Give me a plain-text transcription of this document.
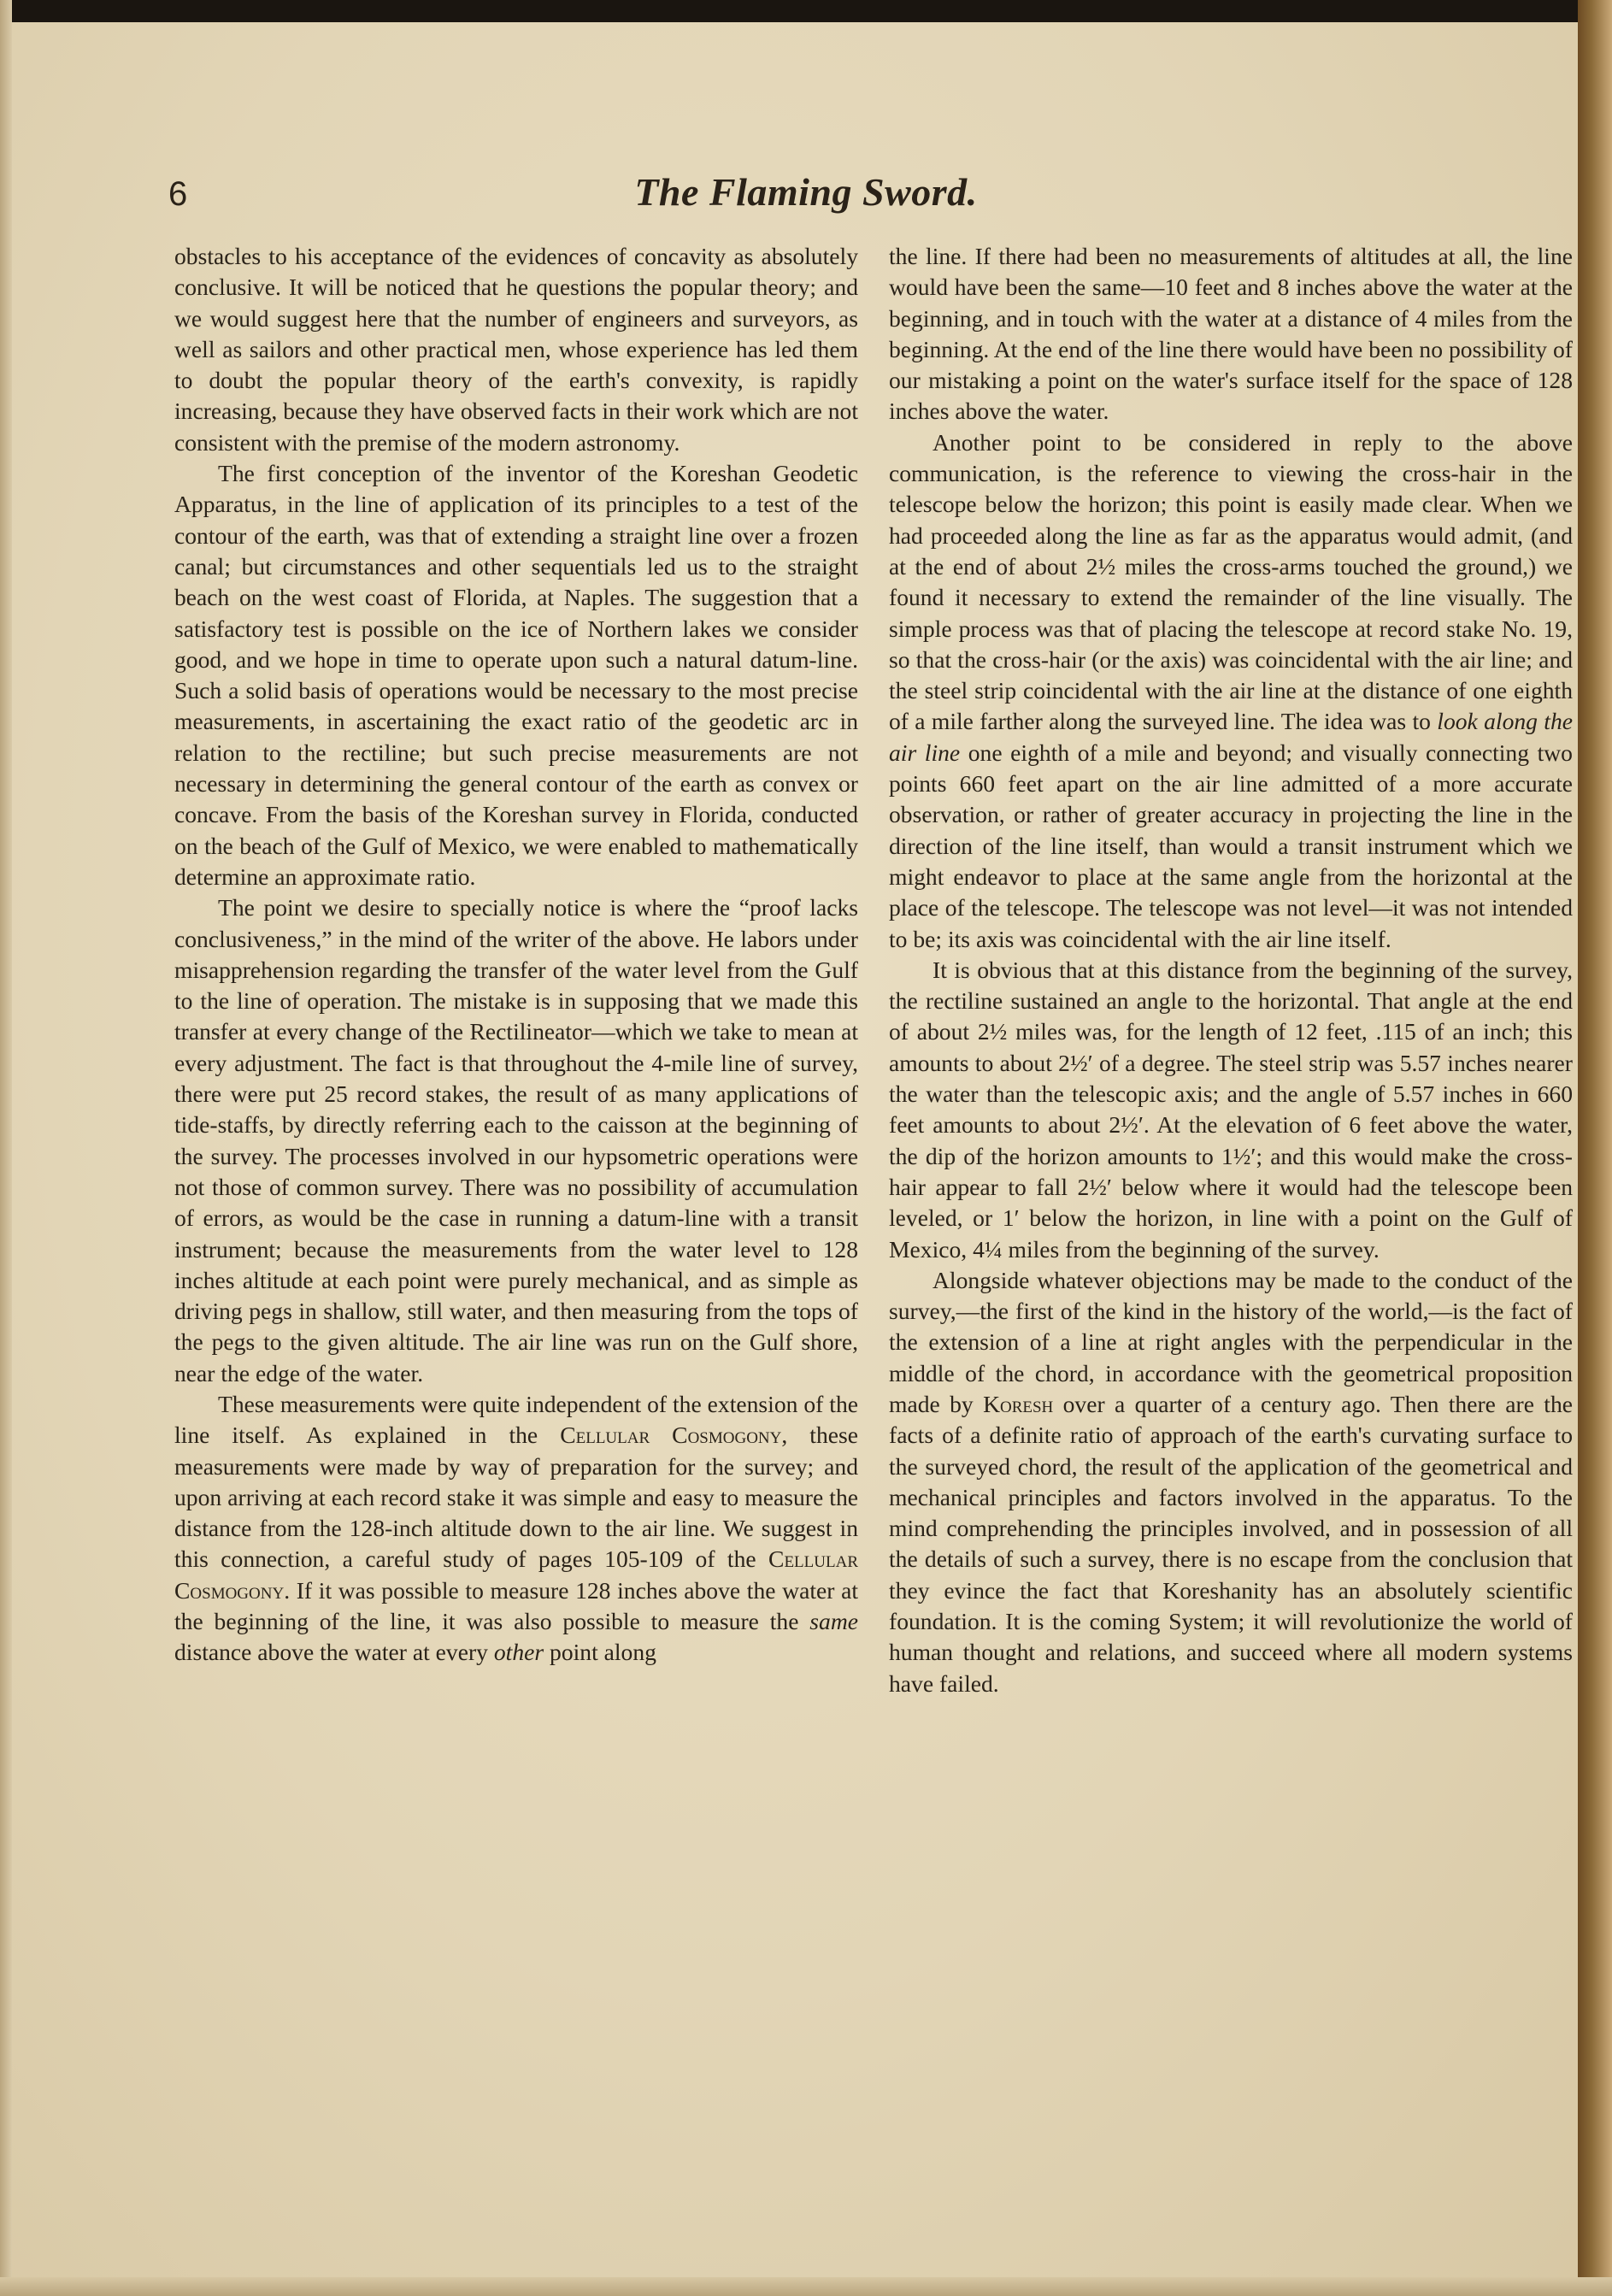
6	The Flaming Sword.

obstacles to his acceptance of the evidences of concavity as absolutely conclusive. It will be noticed that he questions the popular theory; and we would suggest here that the number of engineers and surveyors, as well as sailors and other practical men, whose experience has led them to doubt the popular theory of the earth's convexity, is rapidly increasing, because they have observed facts in their work which are not consistent with the premise of the modern astronomy.

The first conception of the inventor of the Koreshan Geodetic Apparatus, in the line of application of its principles to a test of the contour of the earth, was that of extending a straight line over a frozen canal; but circumstances and other sequentials led us to the straight beach on the west coast of Florida, at Naples. The suggestion that a satisfactory test is possible on the ice of Northern lakes we consider good, and we hope in time to operate upon such a natural datum-line. Such a solid basis of operations would be necessary to the most precise measurements, in ascertaining the exact ratio of the geodetic arc in relation to the rectiline; but such precise measurements are not necessary in determining the general contour of the earth as convex or concave. From the basis of the Koreshan survey in Florida, conducted on the beach of the Gulf of Mexico, we were enabled to mathematically determine an approximate ratio.

The point we desire to specially notice is where the “proof lacks conclusiveness,” in the mind of the writer of the above. He labors under misapprehension regarding the transfer of the water level from the Gulf to the line of operation. The mistake is in supposing that we made this transfer at every change of the Rectilineator—which we take to mean at every adjustment. The fact is that throughout the 4-mile line of survey, there were put 25 record stakes, the result of as many applications of tide-staffs, by directly referring each to the caisson at the beginning of the survey. The processes involved in our hypsometric operations were not those of common survey. There was no possibility of accumulation of errors, as would be the case in running a datum-line with a transit instrument; because the measurements from the water level to 128 inches altitude at each point were purely mechanical, and as simple as driving pegs in shallow, still water, and then measuring from the tops of the pegs to the given altitude. The air line was run on the Gulf shore, near the edge of the water.

These measurements were quite independent of the extension of the line itself. As explained in the Cellular Cosmogony, these measurements were made by way of preparation for the survey; and upon arriving at each record stake it was simple and easy to measure the distance from the 128-inch altitude down to the air line. We suggest in this connection, a careful study of pages 105-109 of the Cellular Cosmogony. If it was possible to measure 128 inches above the water at the beginning of the line, it was also possible to measure the same distance above the water at every other point along

the line. If there had been no measurements of altitudes at all, the line would have been the same—10 feet and 8 inches above the water at the beginning, and in touch with the water at a distance of 4 miles from the beginning. At the end of the line there would have been no possibility of our mistaking a point on the water's surface itself for the space of 128 inches above the water.

Another point to be considered in reply to the above communication, is the reference to viewing the cross-hair in the telescope below the horizon; this point is easily made clear. When we had proceeded along the line as far as the apparatus would admit, (and at the end of about 2½ miles the cross-arms touched the ground,) we found it necessary to extend the remainder of the line visually. The simple process was that of placing the telescope at record stake No. 19, so that the cross-hair (or the axis) was coincidental with the air line; and the steel strip coincidental with the air line at the distance of one eighth of a mile farther along the surveyed line. The idea was to look along the air line one eighth of a mile and beyond; and visually connecting two points 660 feet apart on the air line admitted of a more accurate observation, or rather of greater accuracy in projecting the line in the direction of the line itself, than would a transit instrument which we might endeavor to place at the same angle from the horizontal at the place of the telescope. The telescope was not level—it was not intended to be; its axis was coincidental with the air line itself.

It is obvious that at this distance from the beginning of the survey, the rectiline sustained an angle to the horizontal. That angle at the end of about 2½ miles was, for the length of 12 feet, .115 of an inch; this amounts to about 2½′ of a degree. The steel strip was 5.57 inches nearer the water than the telescopic axis; and the angle of 5.57 inches in 660 feet amounts to about 2½′. At the elevation of 6 feet above the water, the dip of the horizon amounts to 1½′; and this would make the cross-hair appear to fall 2½′ below where it would had the telescope been leveled, or 1′ below the horizon, in line with a point on the Gulf of Mexico, 4¼ miles from the beginning of the survey.

Alongside whatever objections may be made to the conduct of the survey,—the first of the kind in the history of the world,—is the fact of the extension of a line at right angles with the perpendicular in the middle of the chord, in accordance with the geometrical proposition made by Koresh over a quarter of a century ago. Then there are the facts of a definite ratio of approach of the earth's curvating surface to the surveyed chord, the result of the application of the geometrical and mechanical principles and factors involved in the apparatus. To the mind comprehending the principles involved, and in possession of all the details of such a survey, there is no escape from the conclusion that they evince the fact that Koreshanity has an absolutely scientific foundation. It is the coming System; it will revolutionize the world of human thought and relations, and succeed where all modern systems have failed.
